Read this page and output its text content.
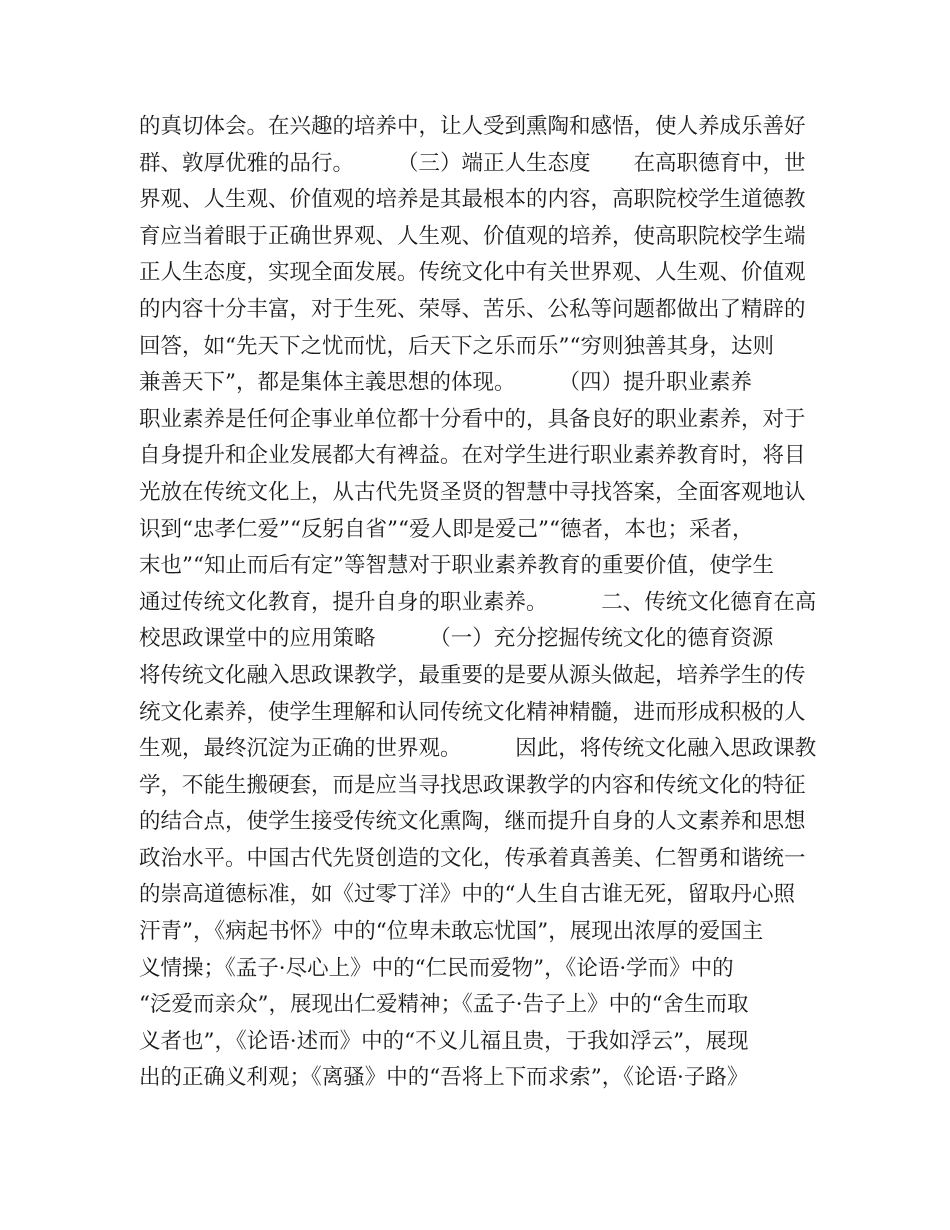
的真切体会。在兴趣的培养中，让人受到熏陶和感悟，使人养成乐善好
群、敦厚优雅的品行。　　　（三）端正人生态度　　在高职德育中，世
界观、人生观、价值观的培养是其最根本的内容，高职院校学生道德教
育应当着眼于正确世界观、人生观、价值观的培养，使高职院校学生端
正人生态度，实现全面发展。传统文化中有关世界观、人生观、价值观
的内容十分丰富，对于生死、荣辱、苦乐、公私等问题都做出了精辟的
回答，如“先天下之忧而忧，后天下之乐而乐”“穷则独善其身，达则
兼善天下”，都是集体主義思想的体现。　　　（四）提升职业素养　
职业素养是任何企事业单位都十分看中的，具备良好的职业素养，对于
自身提升和企业发展都大有裨益。在对学生进行职业素养教育时，将目
光放在传统文化上，从古代先贤圣贤的智慧中寻找答案，全面客观地认
识到“忠孝仁爱”“反躬自省”“爱人即是爱己”“德者，本也；采者，
末也”“知止而后有定”等智慧对于职业素养教育的重要价值，使学生
通过传统文化教育，提升自身的职业素养。　　　二、传统文化德育在高
校思政课堂中的应用策略　　　（一）充分挖掘传统文化的德育资源　
将传统文化融入思政课教学，最重要的是要从源头做起，培养学生的传
统文化素养，使学生理解和认同传统文化精神精髓，进而形成积极的人
生观，最终沉淀为正确的世界观。　　　因此，将传统文化融入思政课教
学，不能生搬硬套，而是应当寻找思政课教学的内容和传统文化的特征
的结合点，使学生接受传统文化熏陶，继而提升自身的人文素养和思想
政治水平。中国古代先贤创造的文化，传承着真善美、仁智勇和谐统一
的崇高道德标准，如《过零丁洋》中的“人生自古谁无死，留取丹心照
汗青”，《病起书怀》中的“位卑未敢忘忧国”，展现出浓厚的爱国主
义情操；《孟子·尽心上》中的“仁民而爱物”，《论语·学而》中的
“泛爱而亲众”，展现出仁爱精神；《孟子·告子上》中的“舍生而取
义者也”，《论语·述而》中的“不义儿福且贵，于我如浮云”，展现
出的正确义利观；《离骚》中的“吾将上下而求索”，《论语·子路》
